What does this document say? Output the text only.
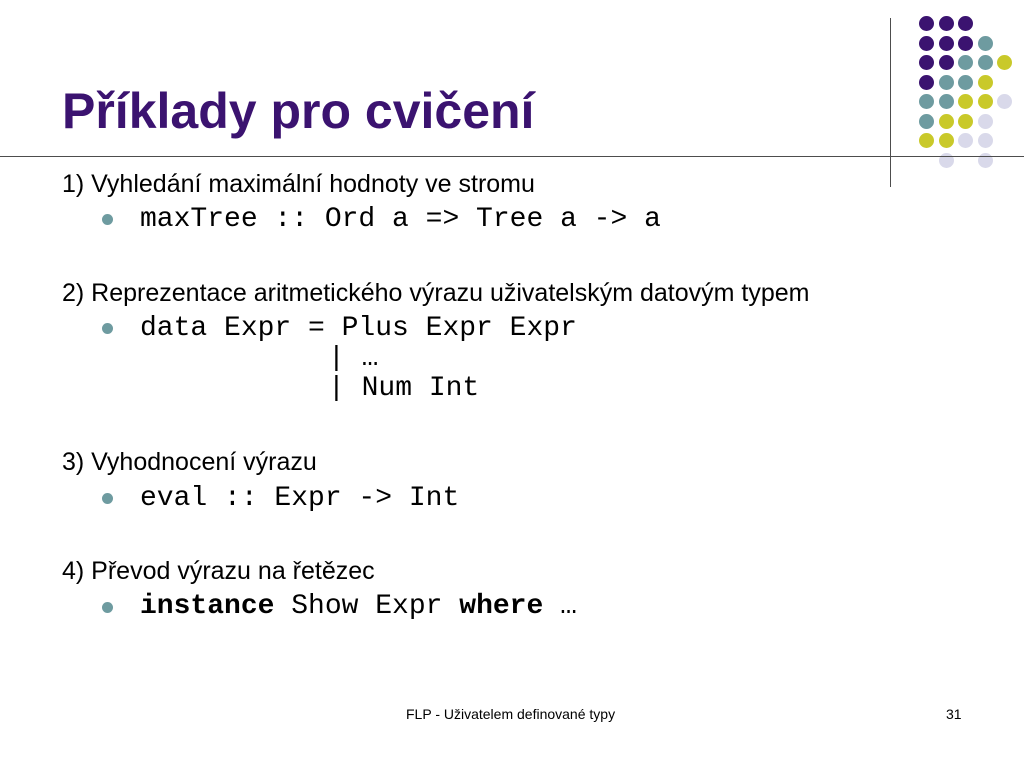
Příklady pro cvičení
1) Vyhledání maximální hodnoty ve stromu
maxTree :: Ord a => Tree a -> a
2) Reprezentace aritmetického výrazu uživatelským datovým typem
data Expr = Plus Expr Expr
| …
| Num Int
3) Vyhodnocení výrazu
eval :: Expr -> Int
4) Převod výrazu na řetězec
instance Show Expr where …
FLP - Uživatelem definované typy	31
